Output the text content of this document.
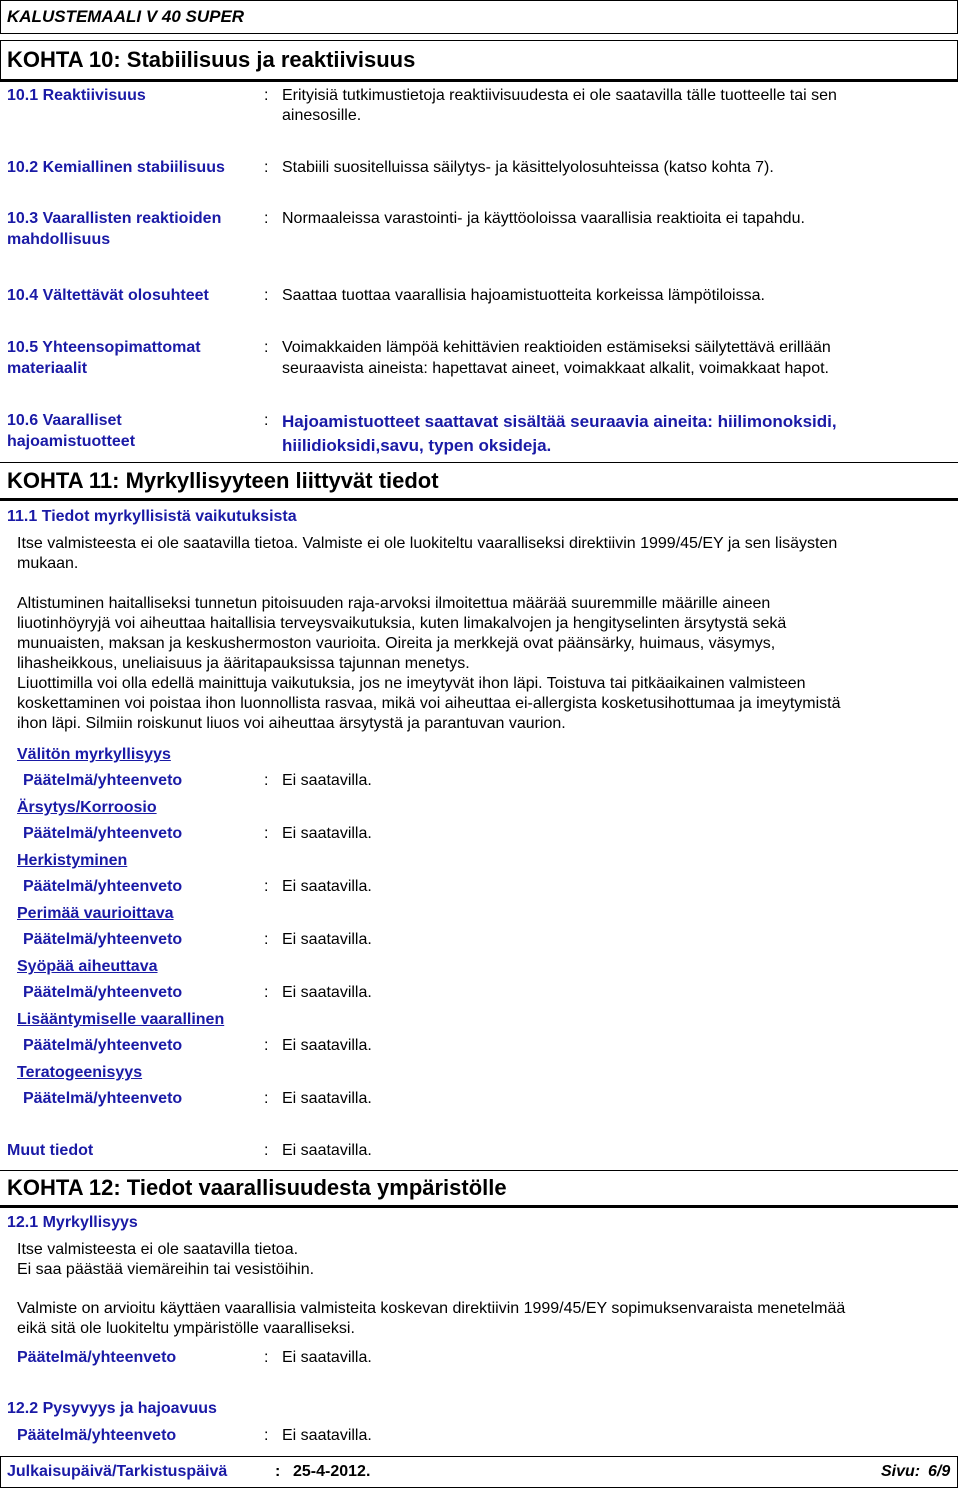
KALUSTEMAALI V 40 SUPER
KOHTA 10: Stabiilisuus ja reaktiivisuus
10.1 Reaktiivisuus	: Erityisiä tutkimustietoja reaktiivisuudesta ei ole saatavilla tälle tuotteelle tai sen
ainesosille.
10.2 Kemiallinen stabiilisuus : Stabiili suositelluissa säilytys- ja käsittelyolosuhteissa (katso kohta 7).
10.3 Vaarallisten reaktioiden
mahdollisuus
: Normaaleissa varastointi- ja käyttöoloissa vaarallisia reaktioita ei tapahdu.
10.4 Vältettävät olosuhteet	: Saattaa tuottaa vaarallisia hajoamistuotteita korkeissa lämpötiloissa.
10.5 Yhteensopimattomat
materiaalit
: Voimakkaiden lämpöä kehittävien reaktioiden estämiseksi säilytettävä erillään
seuraavista aineista: hapettavat aineet, voimakkaat alkalit, voimakkaat hapot.
10.6 Vaaralliset
hajoamistuotteet
: Hajoamistuotteet saattavat sisältää seuraavia aineita: hiilimonoksidi,
hiilidioksidi,savu, typen oksideja.
KOHTA 11: Myrkyllisyyteen liittyvät tiedot
11.1 Tiedot myrkyllisistä vaikutuksista
Itse valmisteesta ei ole saatavilla tietoa. Valmiste ei ole luokiteltu vaaralliseksi direktiivin 1999/45/EY ja sen lisäysten
mukaan.
Altistuminen haitalliseksi tunnetun pitoisuuden raja-arvoksi ilmoitettua määrää suuremmille määrille aineen
liuotinhöyryjä voi aiheuttaa haitallisia terveysvaikutuksia, kuten limakalvojen ja hengityselinten ärsytystä sekä
munuaisten, maksan ja keskushermoston vaurioita. Oireita ja merkkejä ovat päänsärky, huimaus, väsymys,
lihasheikkous, uneliaisuus ja ääritapauksissa tajunnan menetys.
Liuottimilla voi olla edellä mainittuja vaikutuksia, jos ne imeytyvät ihon läpi. Toistuva tai pitkäaikainen valmisteen
koskettaminen voi poistaa ihon luonnollista rasvaa, mikä voi aiheuttaa ei-allergista kosketusihottumaa ja imeytymistä
ihon läpi. Silmiin roiskunut liuos voi aiheuttaa ärsytystä ja parantuvan vaurion.
Välitön myrkyllisyys
Päätelmä/yhteenveto	: Ei saatavilla.
Ärsytys/Korroosio
Päätelmä/yhteenveto	: Ei saatavilla.
Herkistyminen
Päätelmä/yhteenveto	: Ei saatavilla.
Perimää vaurioittava
Päätelmä/yhteenveto	: Ei saatavilla.
Syöpää aiheuttava
Päätelmä/yhteenveto	: Ei saatavilla.
Lisääntymiselle vaarallinen
Päätelmä/yhteenveto	: Ei saatavilla.
Teratogeenisyys
Päätelmä/yhteenveto	: Ei saatavilla.
Muut tiedot	: Ei saatavilla.
KOHTA 12: Tiedot vaarallisuudesta ympäristölle
12.1 Myrkyllisyys
Itse valmisteesta ei ole saatavilla tietoa.
Ei saa päästää viemäreihin tai vesistöihin.
Valmiste on arvioitu käyttäen vaarallisia valmisteita koskevan direktiivin 1999/45/EY sopimuksenvaraista menetelmää
eikä sitä ole luokiteltu ympäristölle vaaralliseksi.
Päätelmä/yhteenveto	: Ei saatavilla.
12.2 Pysyvyys ja hajoavuus
Päätelmä/yhteenveto	: Ei saatavilla.
Julkaisupäivä/Tarkistuspäivä	: 25-4-2012.	Sivu: 6/9
